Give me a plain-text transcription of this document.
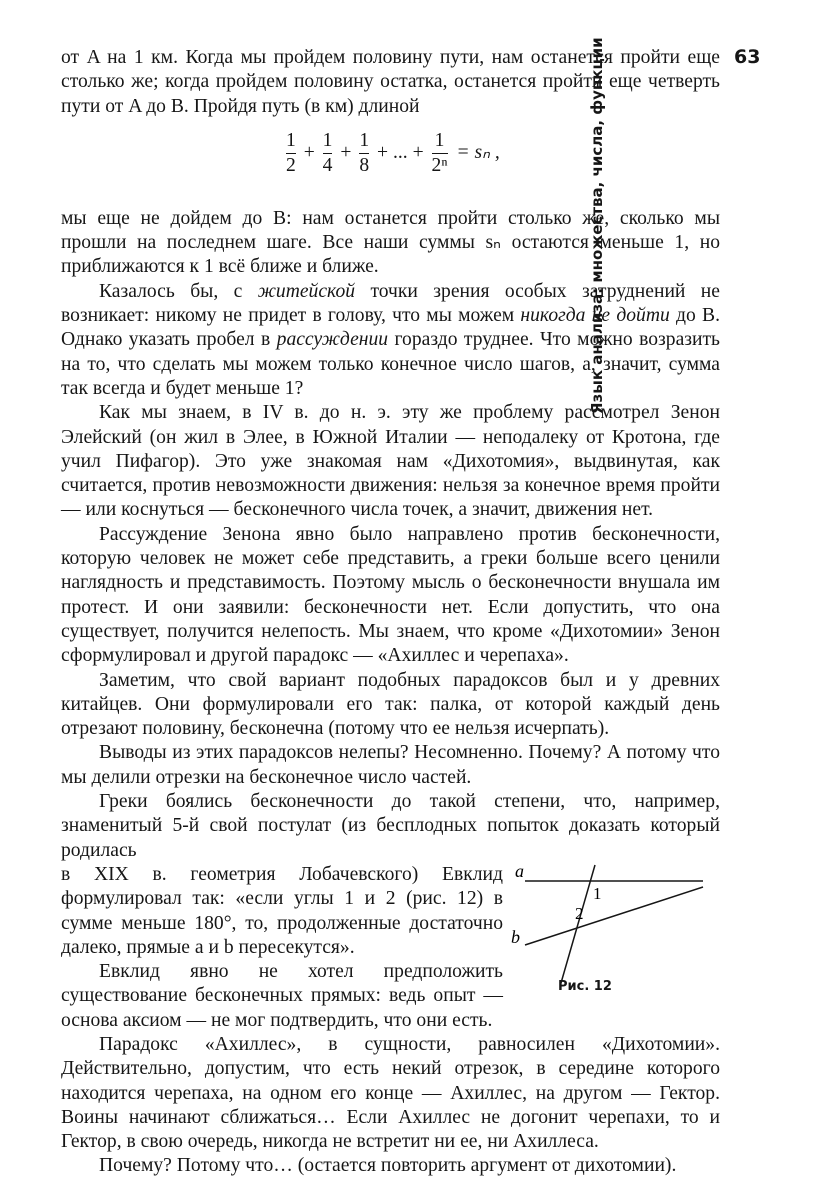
63
Язык анализа: множества, числа, функции

от A на 1 км. Когда мы пройдем половину пути, нам останется пройти еще столько же; когда пройдем половину остатка, останется пройти еще четверть пути от A до B. Пройдя путь (в км) длиной

$\frac{1}{2} + \frac{1}{4} + \frac{1}{8}$ + ... + $\frac{1}{\text{2ⁿ}} = s_n$ ,

мы еще не дойдем до B: нам останется пройти столько же, сколько мы прошли на последнем шаге. Все наши суммы sₙ остаются меньше 1, но приближаются к 1 всё ближе и ближе.

Казалось бы, с житейской точки зрения особых затруднений не возникает: никому не придет в голову, что мы можем никогда не дойти до B. Однако указать пробел в рассуждении гораздо труднее. Что можно возразить на то, что сделать мы можем только конечное число шагов, а, значит, сумма так всегда и будет меньше 1?

Как мы знаем, в IV в. до н. э. эту же проблему рассмотрел Зенон Элейский (он жил в Элее, в Южной Италии — неподалеку от Кротона, где учил Пифагор). Это уже знакомая нам «Дихотомия», выдвинутая, как считается, против невозможности движения: нельзя за конечное время пройти — или коснуться — бесконечного числа точек, а значит, движения нет.

Рассуждение Зенона явно было направлено против бесконечности, которую человек не может себе представить, а греки больше всего ценили наглядность и представимость. Поэтому мысль о бесконечности внушала им протест. И они заявили: бесконечности нет. Если допустить, что она существует, получится нелепость. Мы знаем, что кроме «Дихотомии» Зенон сформулировал и другой парадокс — «Ахиллес и черепаха».

Заметим, что свой вариант подобных парадоксов был и у древних китайцев. Они формулировали его так: палка, от которой каждый день отрезают половину, бесконечна (потому что ее нельзя исчерпать).

Выводы из этих парадоксов нелепы? Несомненно. Почему? А потому что мы делили отрезки на бесконечное число частей.

Греки боялись бесконечности до такой степени, что, например, знаменитый 5-й свой постулат (из бесплодных попыток доказать который родилась

в XIX в. геометрия Лобачевского) Евклид формулировал так: «если углы 1 и 2 (рис. 12) в сумме меньше 180°, то, продолженные достаточно далеко, прямые a и b пересекутся».

Евклид явно не хотел предположить существование бесконечных прямых: ведь опыт — основа аксиом — не мог подтвердить, что они есть.

a
b
1
2
Рис. 12

Парадокс «Ахиллес», в сущности, равносилен «Дихотомии». Действительно, допустим, что есть некий отрезок, в середине которого находится черепаха, на одном его конце — Ахиллес, на другом — Гектор. Воины начинают сближаться… Если Ахиллес не догонит черепахи, то и Гектор, в свою очередь, никогда не встретит ни ее, ни Ахиллеса.

Почему? Потому что… (остается повторить аргумент от дихотомии).
